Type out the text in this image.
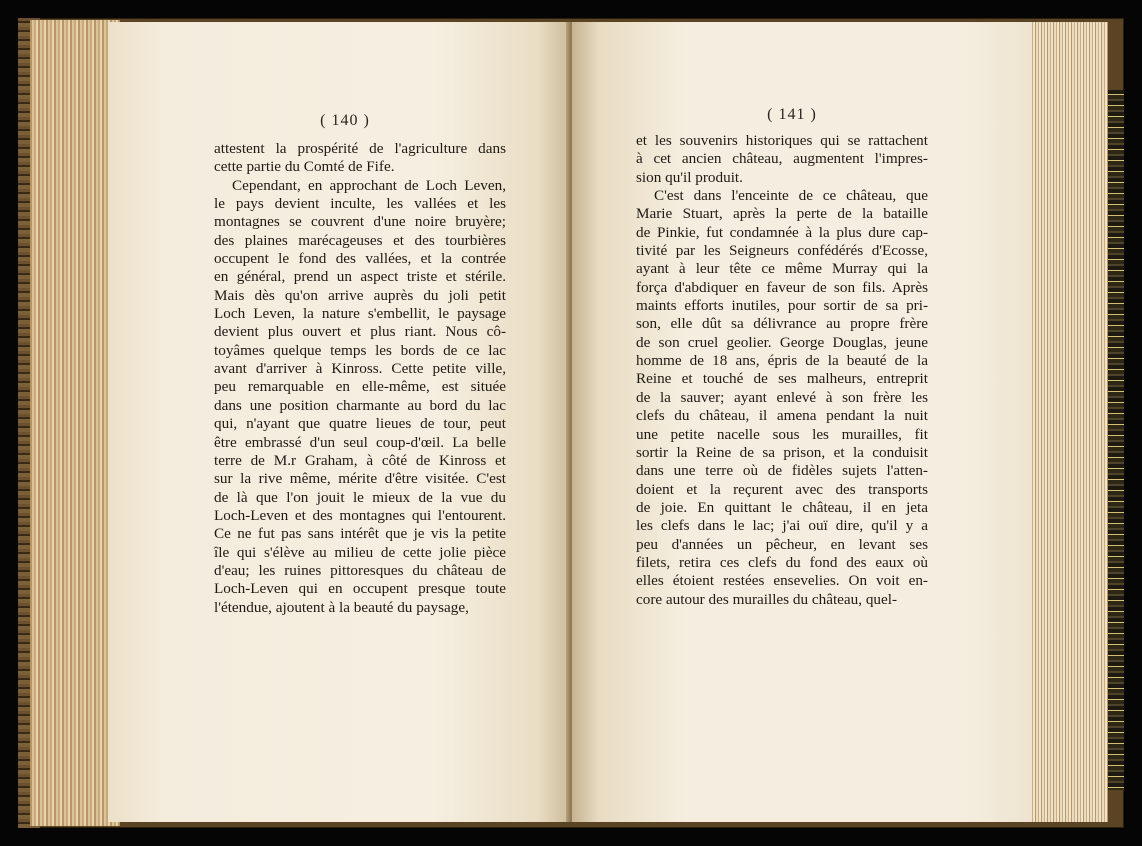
( 140 )
attestent la prospérité de l'agriculture dans
cette partie du Comté de Fife.
Cependant, en approchant de Loch Leven,
le pays devient inculte, les vallées et les
montagnes se couvrent d'une noire bruyère;
des plaines marécageuses et des tourbières
occupent le fond des vallées, et la contrée
en général, prend un aspect triste et stérile.
Mais dès qu'on arrive auprès du joli petit
Loch Leven, la nature s'embellit, le paysage
devient plus ouvert et plus riant. Nous cô-
toyâmes quelque temps les bords de ce lac
avant d'arriver à Kinross. Cette petite ville,
peu remarquable en elle-même, est située
dans une position charmante au bord du lac
qui, n'ayant que quatre lieues de tour, peut
être embrassé d'un seul coup-d'œil. La belle
terre de M.r Graham, à côté de Kinross et
sur la rive même, mérite d'être visitée. C'est
de là que l'on jouit le mieux de la vue du
Loch-Leven et des montagnes qui l'entourent.
Ce ne fut pas sans intérêt que je vis la petite
île qui s'élève au milieu de cette jolie pièce
d'eau; les ruines pittoresques du château de
Loch-Leven qui en occupent presque toute
l'étendue, ajoutent à la beauté du paysage,
( 141 )
et les souvenirs historiques qui se rattachent
à cet ancien château, augmentent l'impres-
sion qu'il produit.
C'est dans l'enceinte de ce château, que
Marie Stuart, après la perte de la bataille
de Pinkie, fut condamnée à la plus dure cap-
tivité par les Seigneurs confédérés d'Ecosse,
ayant à leur tête ce même Murray qui la
força d'abdiquer en faveur de son fils. Après
maints efforts inutiles, pour sortir de sa pri-
son, elle dût sa délivrance au propre frère
de son cruel geolier. George Douglas, jeune
homme de 18 ans, épris de la beauté de la
Reine et touché de ses malheurs, entreprit
de la sauver; ayant enlevé à son frère les
clefs du château, il amena pendant la nuit
une petite nacelle sous les murailles, fit
sortir la Reine de sa prison, et la conduisit
dans une terre où de fidèles sujets l'atten-
doient et la reçurent avec des transports
de joie. En quittant le château, il en jeta
les clefs dans le lac; j'ai ouï dire, qu'il y a
peu d'années un pêcheur, en levant ses
filets, retira ces clefs du fond des eaux où
elles étoient restées ensevelies. On voit en-
core autour des murailles du château, quel-
